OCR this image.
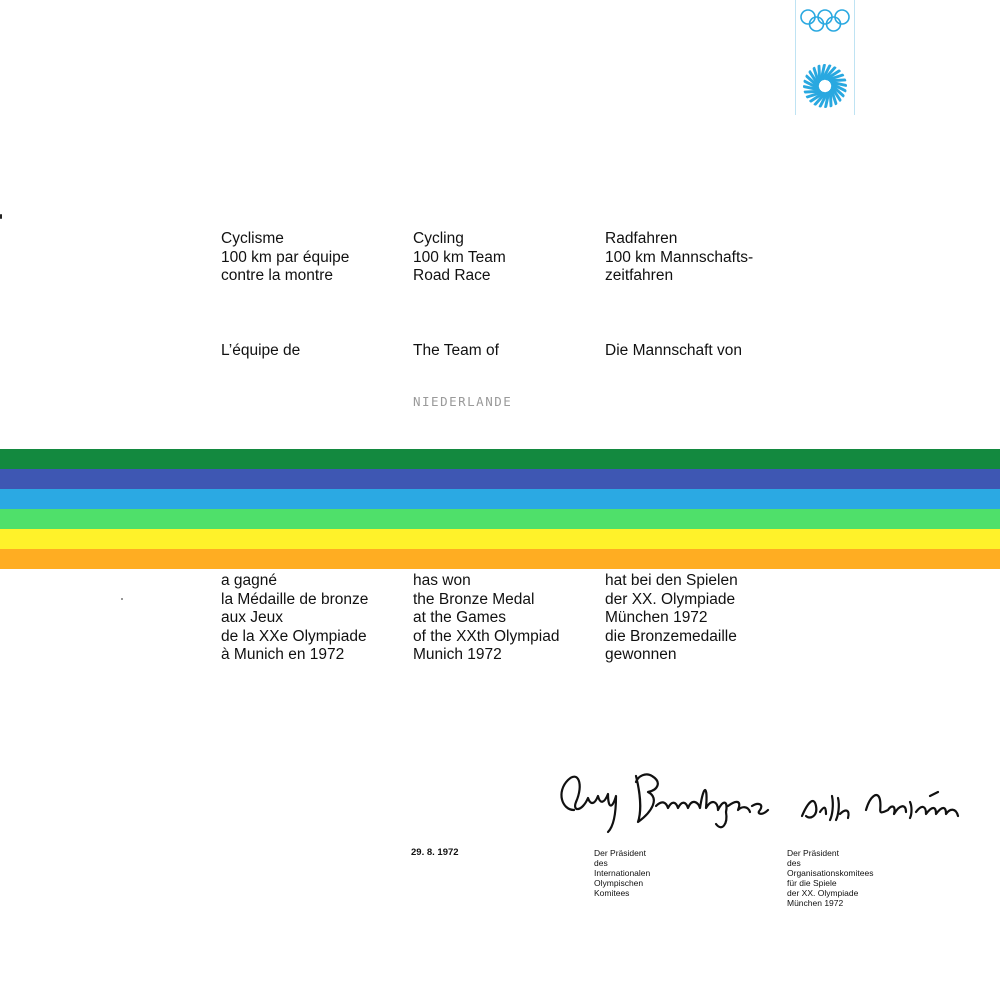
Cyclisme
100 km par équipe
contre la montre
Cycling
100 km Team
Road Race
Radfahren
100 km Mannschafts-
zeitfahren
L’équipe de	The Team of	Die Mannschaft von
NIEDERLANDE
a gagné
la Médaille de bronze
aux Jeux
de la XXe Olympiade
à Munich en 1972
has won
the Bronze Medal
at the Games
of the XXth Olympiad
Munich 1972
hat bei den Spielen
der XX. Olympiade
München 1972
die Bronzemedaille
gewonnen
29. 8. 1972	Der Präsident
des
Internationalen
Olympischen
Komitees
Der Präsident
des
Organisationskomitees
für die Spiele
der XX. Olympiade
München 1972
